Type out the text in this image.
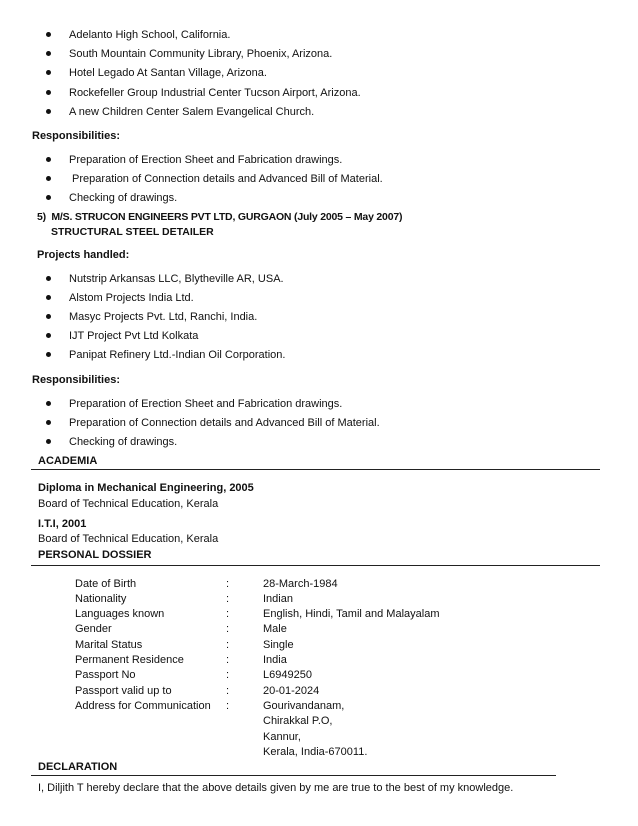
Adelanto High School, California.
South Mountain Community Library, Phoenix, Arizona.
Hotel Legado At Santan Village, Arizona.
Rockefeller Group Industrial Center Tucson Airport, Arizona.
A new Children Center Salem Evangelical Church.
Responsibilities:
Preparation of Erection Sheet and Fabrication drawings.
Preparation of Connection details and Advanced Bill of Material.
Checking of drawings.
5)  M/S. STRUCON ENGINEERS PVT LTD, GURGAON (July 2005 – May 2007)
STRUCTURAL STEEL DETAILER
Projects handled:
Nutstrip Arkansas LLC, Blytheville AR, USA.
Alstom Projects India Ltd.
Masyc Projects Pvt. Ltd, Ranchi, India.
IJT Project Pvt Ltd Kolkata
Panipat Refinery Ltd.-Indian Oil Corporation.
Responsibilities:
Preparation of Erection Sheet and Fabrication drawings.
Preparation of Connection details and Advanced Bill of Material.
Checking of drawings.
ACADEMIA
Diploma in Mechanical Engineering, 2005
Board of Technical Education, Kerala
I.T.I, 2001
Board of Technical Education, Kerala
PERSONAL DOSSIER
Date of Birth	:	28-March-1984
Nationality	:	Indian
Languages known	:	English, Hindi, Tamil and Malayalam
Gender	:	Male
Marital Status	:	Single
Permanent Residence	:	India
Passport No	:	L6949250
Passport valid up to	:	20-01-2024
Address for Communication :	Gourivandanam,
Chirakkal P.O,
Kannur,
Kerala, India-670011.
DECLARATION
I, Diljith T hereby declare that the above details given by me are true to the best of my knowledge.
